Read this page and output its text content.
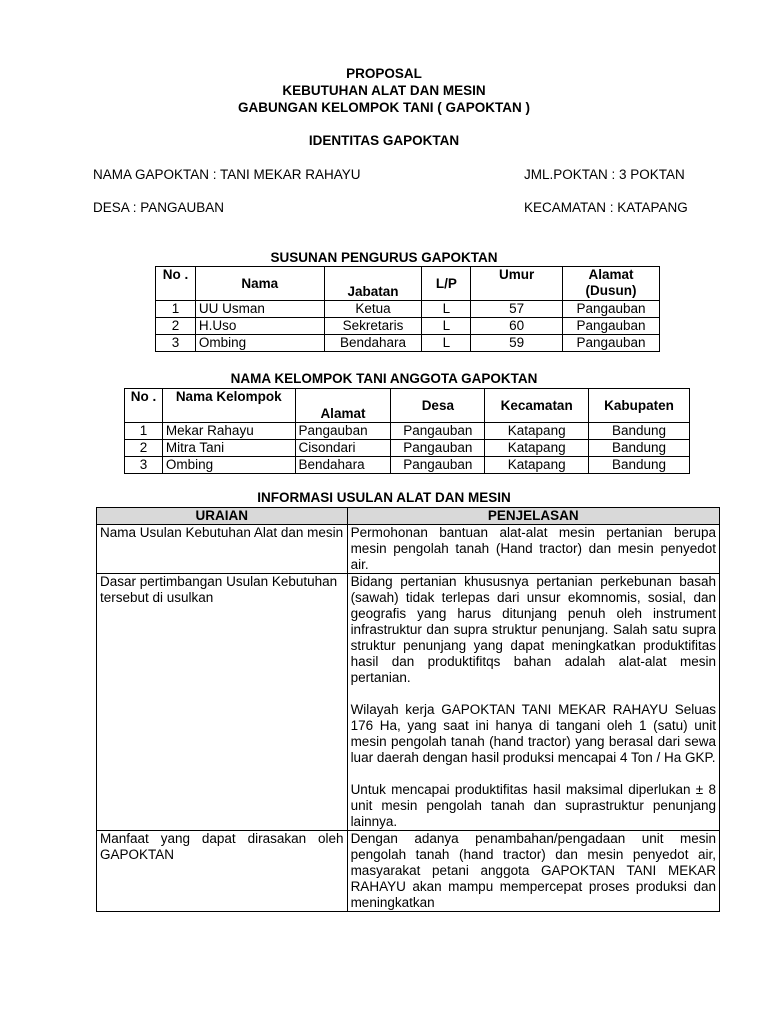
PROPOSAL
KEBUTUHAN ALAT DAN MESIN
GABUNGAN KELOMPOK TANI ( GAPOKTAN )
IDENTITAS GAPOKTAN
NAMA GAPOKTAN : TANI MEKAR RAHAYU	JML.POKTAN : 3 POKTAN
DESA : PANGAUBAN	KECAMATAN : KATAPANG
SUSUNAN PENGURUS GAPOKTAN
No .	Nama	Jabatan	L/P	Umur	Alamat (Dusun)
1	UU Usman	Ketua	L	57	Pangauban
2	H.Uso	Sekretaris	L	60	Pangauban
3	Ombing	Bendahara	L	59	Pangauban
NAMA KELOMPOK TANI ANGGOTA GAPOKTAN
No .	Nama Kelompok	Alamat	Desa	Kecamatan	Kabupaten
1	Mekar Rahayu	Pangauban	Pangauban	Katapang	Bandung
2	Mitra Tani	Cisondari	Pangauban	Katapang	Bandung
3	Ombing	Bendahara	Pangauban	Katapang	Bandung
INFORMASI USULAN ALAT DAN MESIN
URAIAN	PENJELASAN
Nama Usulan Kebutuhan Alat dan mesin	Permohonan bantuan alat-alat mesin pertanian berupa mesin pengolah tanah (Hand tractor) dan mesin penyedot air.

Dasar pertimbangan Usulan Kebutuhan tersebut di usulkan	Bidang pertanian khususnya pertanian perkebunan basah (sawah) tidak terlepas dari unsur ekomnomis, sosial, dan geografis yang harus ditunjang penuh oleh instrument infrastruktur dan supra struktur penunjang. Salah satu supra struktur penunjang yang dapat meningkatkan produktifitas hasil dan produktifitqs bahan adalah alat-alat mesin pertanian.
Wilayah kerja GAPOKTAN TANI MEKAR RAHAYU Seluas 176 Ha, yang saat ini hanya di tangani oleh 1 (satu) unit mesin pengolah tanah (hand tractor) yang berasal dari sewa luar daerah dengan hasil produksi mencapai 4 Ton / Ha GKP.
Untuk mencapai produktifitas hasil maksimal diperlukan ± 8 unit mesin pengolah tanah dan suprastruktur penunjang lainnya.

Manfaat yang dapat dirasakan oleh GAPOKTAN	Dengan adanya penambahan/pengadaan unit mesin pengolah tanah (hand tractor) dan mesin penyedot air, masyarakat petani anggota GAPOKTAN TANI MEKAR RAHAYU akan mampu mempercepat proses produksi dan meningkatkan
